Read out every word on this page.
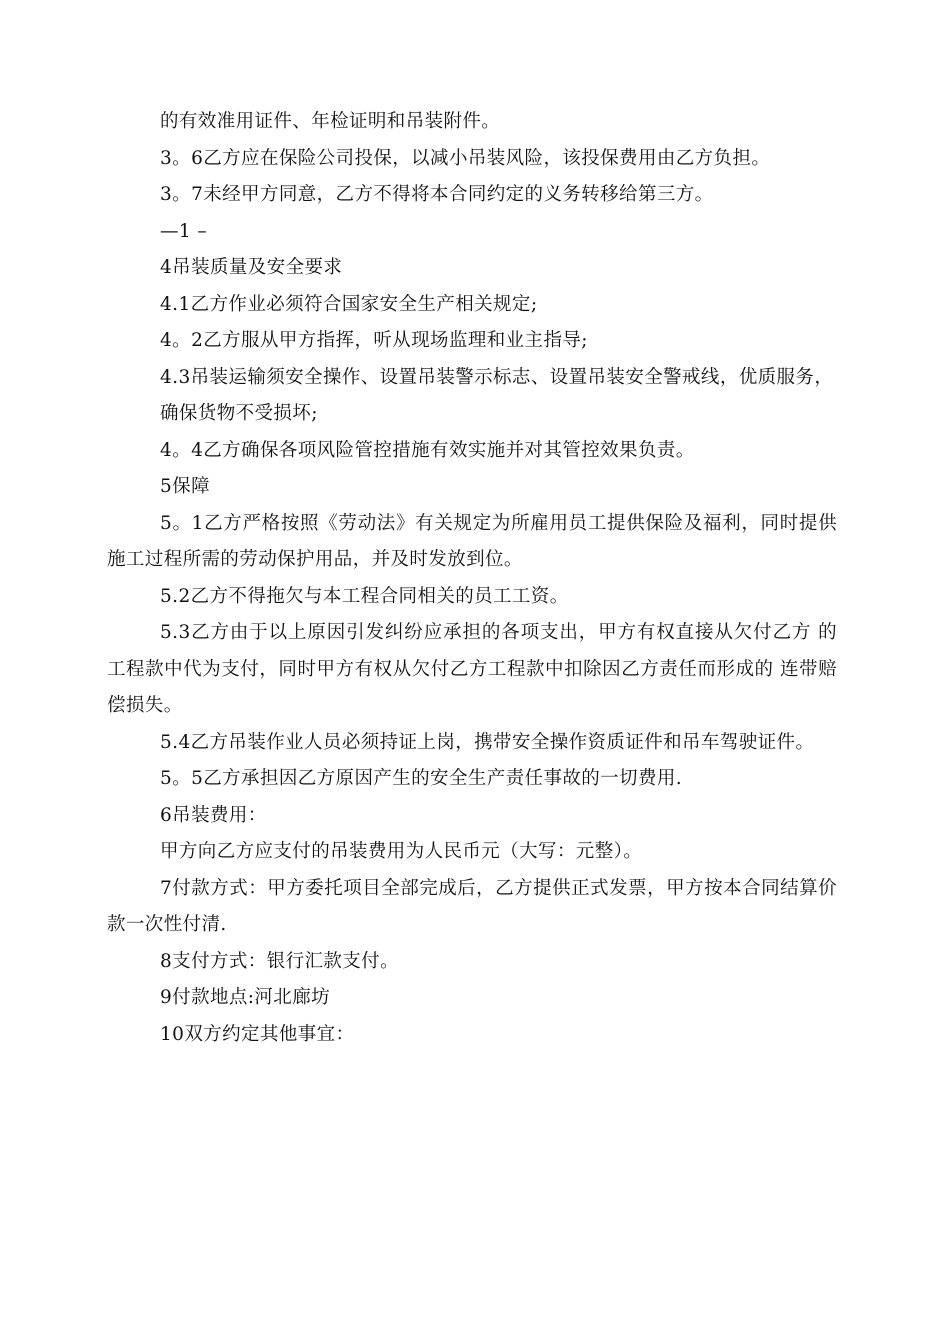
的有效准用证件、年检证明和吊装附件。

3。6乙方应在保险公司投保，以减小吊装风险，该投保费用由乙方负担。

3。7未经甲方同意，乙方不得将本合同约定的义务转移给第三方。

—1 –

4吊装质量及安全要求

4.1乙方作业必须符合国家安全生产相关规定;

4。2乙方服从甲方指挥，听从现场监理和业主指导;

4.3吊装运输须安全操作、设置吊装警示标志、设置吊装安全警戒线，优质服务，

确保货物不受损坏;

4。4乙方确保各项风险管控措施有效实施并对其管控效果负责。

5保障

5。1乙方严格按照《劳动法》有关规定为所雇用员工提供保险及福利，同时提供施工过程所需的劳动保护用品，并及时发放到位。

5.2乙方不得拖欠与本工程合同相关的员工工资。

5.3乙方由于以上原因引发纠纷应承担的各项支出，甲方有权直接从欠付乙方 的工程款中代为支付，同时甲方有权从欠付乙方工程款中扣除因乙方责任而形成的 连带赔偿损失。

5.4乙方吊装作业人员必须持证上岗，携带安全操作资质证件和吊车驾驶证件。

5。5乙方承担因乙方原因产生的安全生产责任事故的一切费用.

6吊装费用：

甲方向乙方应支付的吊装费用为人民币元（大写：元整）。

7付款方式：甲方委托项目全部完成后，乙方提供正式发票，甲方按本合同结算价款一次性付清.

8支付方式：银行汇款支付。

9付款地点:河北廊坊

10双方约定其他事宜：
